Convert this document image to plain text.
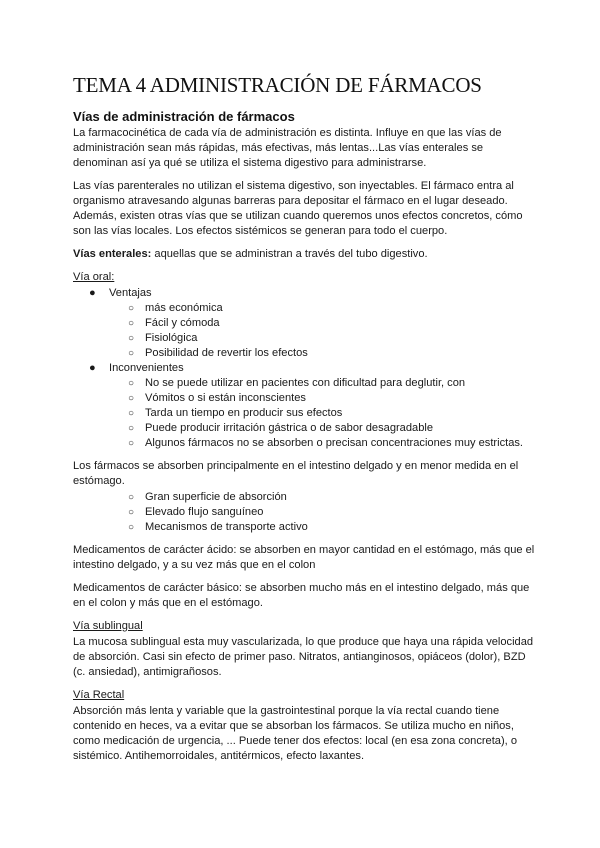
TEMA 4 ADMINISTRACIÓN DE FÁRMACOS
Vías de administración de fármacos

La farmacocinética de cada vía de administración es distinta. Influye en que las vías de administración sean más rápidas, más efectivas, más lentas...Las vías enterales se denominan así ya qué se utiliza el sistema digestivo para administrarse.

Las vías parenterales no utilizan el sistema digestivo, son inyectables. El fármaco entra al organismo atravesando algunas barreras para depositar el fármaco en el lugar deseado. Además, existen otras vías que se utilizan cuando queremos unos efectos concretos, cómo son las vías locales. Los efectos sistémicos se generan para todo el cuerpo.

Vías enterales: aquellas que se administran a través del tubo digestivo.

Vía oral:
● Ventajas
○ más económica
○ Fácil y cómoda
○ Fisiológica
○ Posibilidad de revertir los efectos
● Inconvenientes
○ No se puede utilizar en pacientes con dificultad para deglutir, con
○ Vómitos o si están inconscientes
○ Tarda un tiempo en producir sus efectos
○ Puede producir irritación gástrica o de sabor desagradable
○ Algunos fármacos no se absorben o precisan concentraciones muy estrictas.

Los fármacos se absorben principalmente en el intestino delgado y en menor medida en el estómago.

○ Gran superficie de absorción
○ Elevado flujo sanguíneo
○ Mecanismos de transporte activo

Medicamentos de carácter ácido: se absorben en mayor cantidad en el estómago, más que el intestino delgado, y a su vez más que en el colon

Medicamentos de carácter básico: se absorben mucho más en el intestino delgado, más que en el colon y más que en el estómago.

Vía sublingual

La mucosa sublingual esta muy vascularizada, lo que produce que haya una rápida velocidad de absorción. Casi sin efecto de primer paso. Nitratos, antianginosos, opiáceos (dolor), BZD (c. ansiedad), antimigrañosos.

Vía Rectal

Absorción más lenta y variable que la gastrointestinal porque la vía rectal cuando tiene contenido en heces, va a evitar que se absorban los fármacos. Se utiliza mucho en niños, como medicación de urgencia, ... Puede tener dos efectos: local (en esa zona concreta), o sistémico. Antihemorroidales, antitérmicos, efecto laxantes.
